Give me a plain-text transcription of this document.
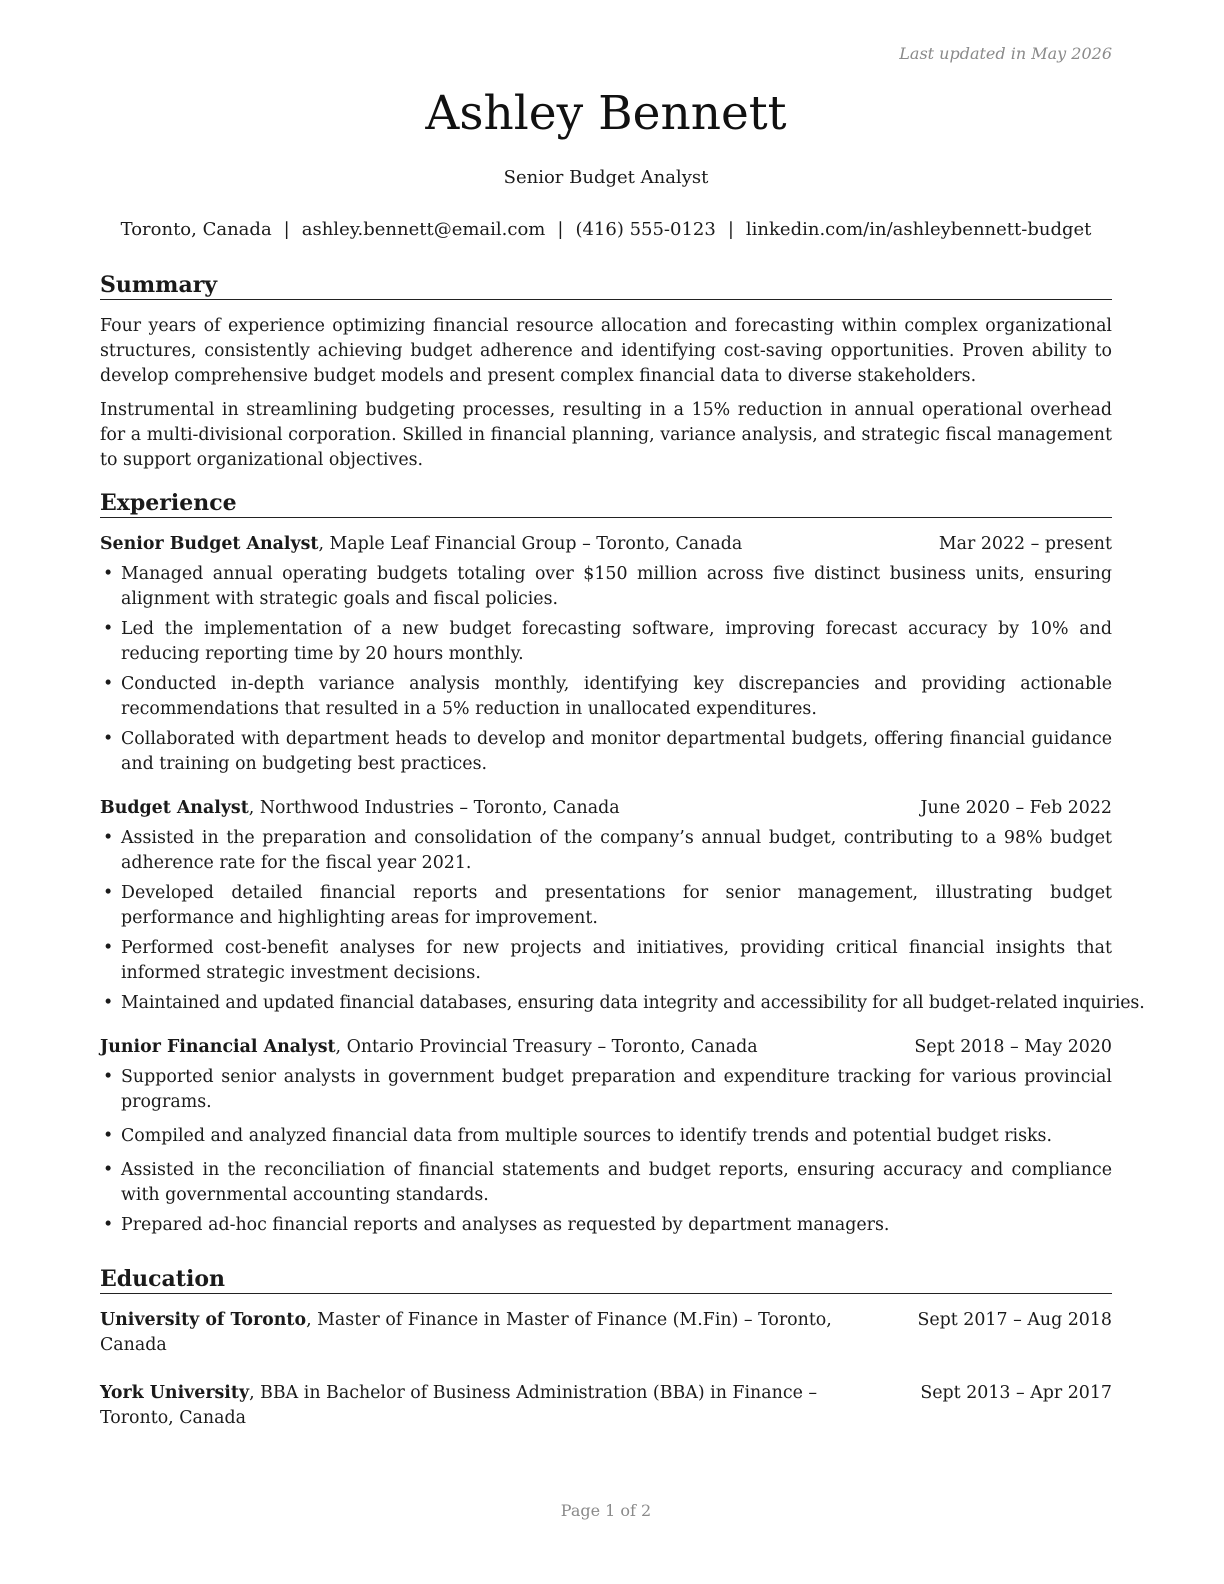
Last updated in May 2026
Ashley Bennett
Senior Budget Analyst
Toronto, Canada | ashley.bennett@email.com | (416) 555-0123 | linkedin.com/in/ashleybennett-budget
Summary

Four years of experience optimizing financial resource allocation and forecasting within complex organizational structures, consistently achieving budget adherence and identifying cost-saving opportunities. Proven ability to develop comprehensive budget models and present complex financial data to diverse stakeholders.

Instrumental in streamlining budgeting processes, resulting in a 15% reduction in annual operational overhead for a multi-divisional corporation. Skilled in financial planning, variance analysis, and strategic fiscal management to support organizational objectives.

Experience
Senior Budget Analyst, Maple Leaf Financial Group – Toronto, Canada	Mar 2022 – present
• Managed annual operating budgets totaling over $150 million across five distinct business units, ensuring alignment with strategic goals and fiscal policies.
• Led the implementation of a new budget forecasting software, improving forecast accuracy by 10% and reducing reporting time by 20 hours monthly.
• Conducted in-depth variance analysis monthly, identifying key discrepancies and providing actionable recommendations that resulted in a 5% reduction in unallocated expenditures.
• Collaborated with department heads to develop and monitor departmental budgets, offering financial guidance and training on budgeting best practices.
Budget Analyst, Northwood Industries – Toronto, Canada	June 2020 – Feb 2022
• Assisted in the preparation and consolidation of the company’s annual budget, contributing to a 98% budget adherence rate for the fiscal year 2021.
• Developed detailed financial reports and presentations for senior management, illustrating budget performance and highlighting areas for improvement.
• Performed cost-benefit analyses for new projects and initiatives, providing critical financial insights that informed strategic investment decisions.
• Maintained and updated financial databases, ensuring data integrity and accessibility for all budget-related inquiries.
Junior Financial Analyst, Ontario Provincial Treasury – Toronto, Canada	Sept 2018 – May 2020
• Supported senior analysts in government budget preparation and expenditure tracking for various provincial programs.
• Compiled and analyzed financial data from multiple sources to identify trends and potential budget risks.
• Assisted in the reconciliation of financial statements and budget reports, ensuring accuracy and compliance with governmental accounting standards.
• Prepared ad-hoc financial reports and analyses as requested by department managers.
Education
University of Toronto, Master of Finance in Master of Finance (M.Fin) – Toronto, Canada
Sept 2017 – Aug 2018
York University, BBA in Bachelor of Business Administration (BBA) in Finance – Toronto, Canada
Sept 2013 – Apr 2017
Page 1 of 2
